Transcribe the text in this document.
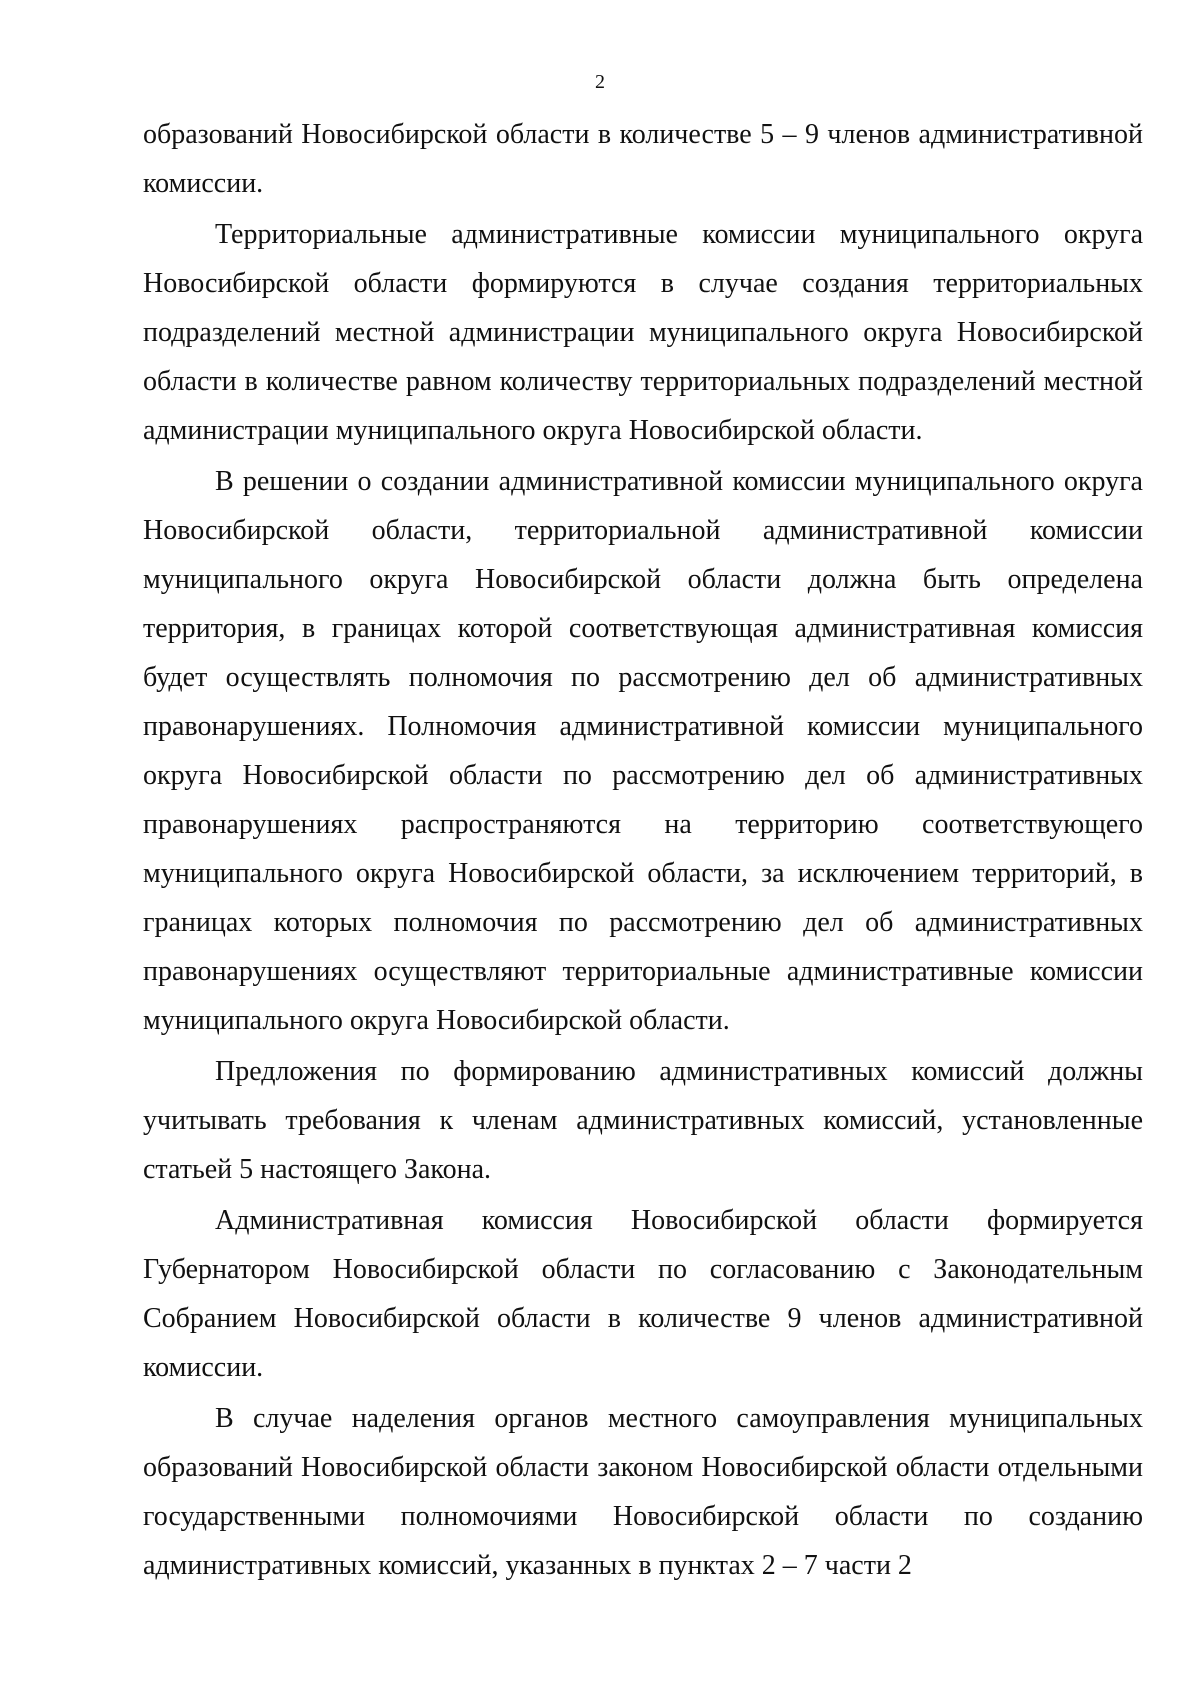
2

образований Новосибирской области в количестве 5 – 9 членов административной комиссии.

Территориальные административные комиссии муниципального округа Новосибирской области формируются в случае создания территориальных подразделений местной администрации муниципального округа Новосибирской области в количестве равном количеству территориальных подразделений местной администрации муниципального округа Новосибирской области.

В решении о создании административной комиссии муниципального округа Новосибирской области, территориальной административной комиссии муниципального округа Новосибирской области должна быть определена территория, в границах которой соответствующая административная комиссия будет осуществлять полномочия по рассмотрению дел об административных правонарушениях. Полномочия административной комиссии муниципального округа Новосибирской области по рассмотрению дел об административных правонарушениях распространяются на территорию соответствующего муниципального округа Новосибирской области, за исключением территорий, в границах которых полномочия по рассмотрению дел об административных правонарушениях осуществляют территориальные административные комиссии муниципального округа Новосибирской области.

Предложения по формированию административных комиссий должны учитывать требования к членам административных комиссий, установленные статьей 5 настоящего Закона.

Административная комиссия Новосибирской области формируется Губернатором Новосибирской области по согласованию с Законодательным Собранием Новосибирской области в количестве 9 членов административной комиссии.

В случае наделения органов местного самоуправления муниципальных образований Новосибирской области законом Новосибирской области отдельными государственными полномочиями Новосибирской области по созданию административных комиссий, указанных в пунктах 2 – 7 части 2
